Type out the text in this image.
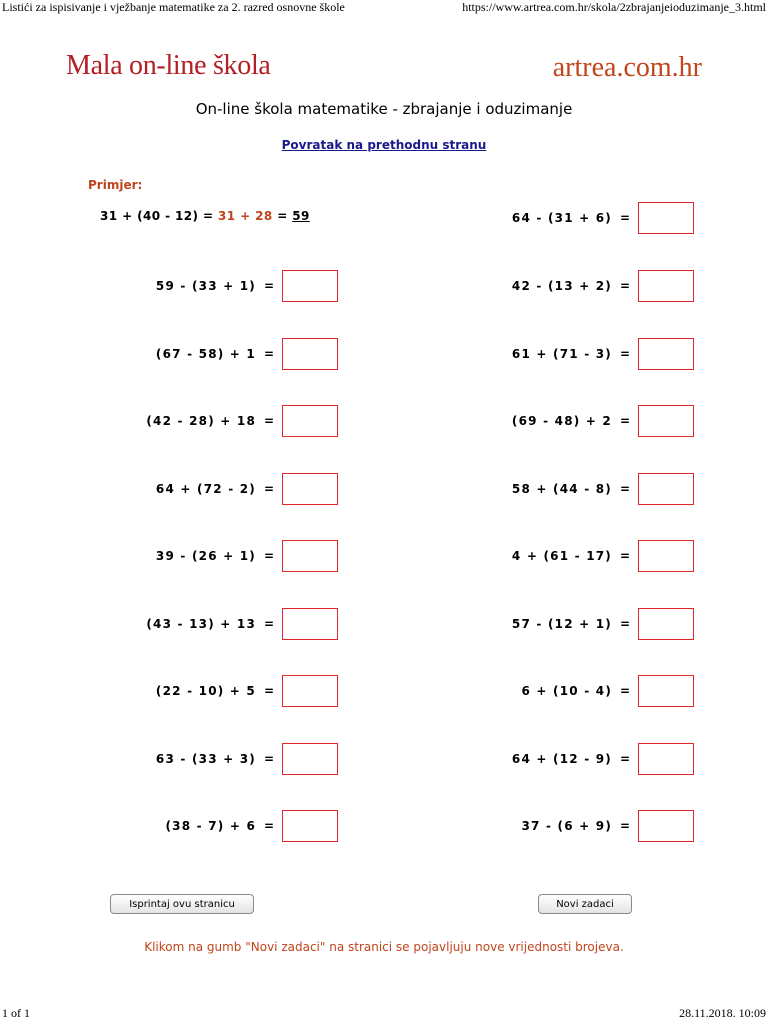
Listići za ispisivanje i vježbanje matematike za 2. razred osnovne škole	https://www.artrea.com.hr/skola/2zbrajanjeioduzimanje_3.html
Mala on-line škola	artrea.com.hr
On-line škola matematike - zbrajanje i oduzimanje
Povratak na prethodnu stranu
Primjer:
31 + (40 - 12) = 31 + 28 = 59	64 - (31 + 6) =
42 - (13 + 2) =
61 + (71 - 3) =
(69 - 48) + 2 =
58 + (44 - 8) =
4 + (61 - 17) =
57 - (12 + 1) =
6 + (10 - 4) =
64 + (12 - 9) =
37 - (6 + 9) =
59 - (33 + 1) =
(67 - 58) + 1 =
(42 - 28) + 18 =
64 + (72 - 2) =
39 - (26 + 1) =
(43 - 13) + 13 =
(22 - 10) + 5 =
63 - (33 + 3) =
(38 - 7) + 6 =
Isprintaj ovu stranicu	Novi zadaci
Klikom na gumb "Novi zadaci" na stranici se pojavljuju nove vrijednosti brojeva.
1 of 1	28.11.2018. 10:09
